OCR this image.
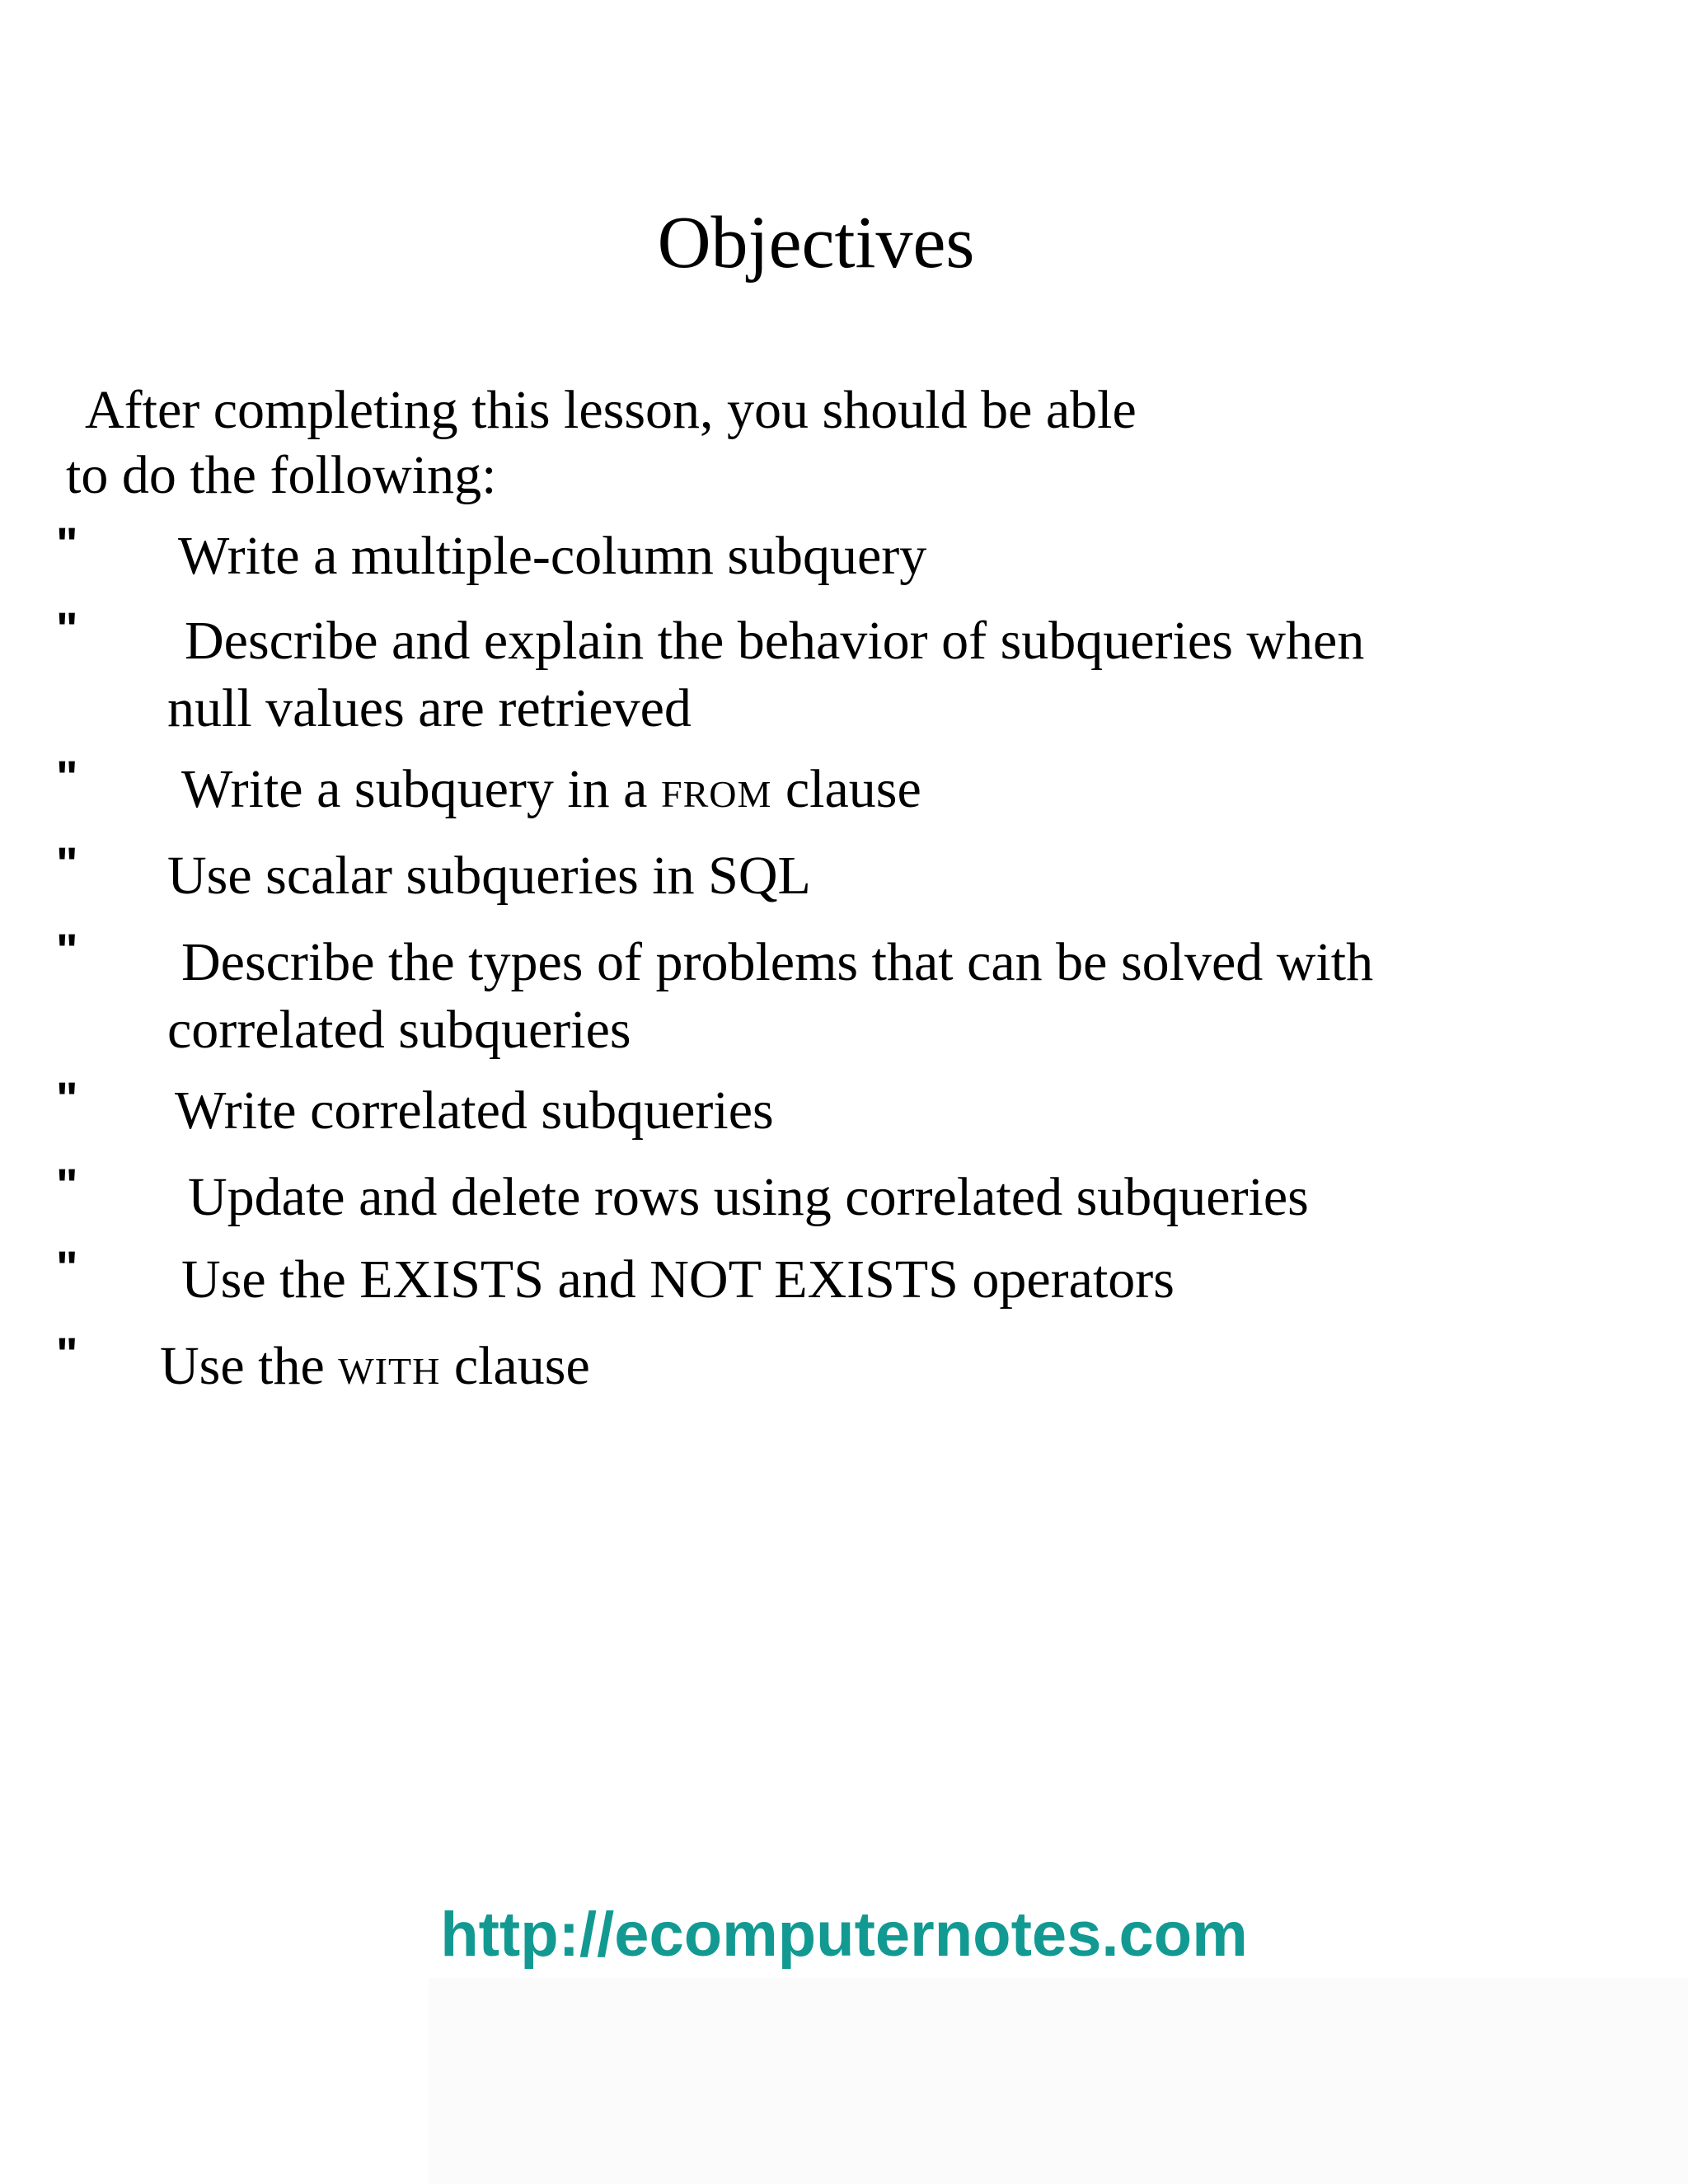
Objectives
After completing this lesson, you should be able
to do the following:
" Write a multiple-column subquery
" Describe and explain the behavior of subqueries when
null values are retrieved
" Write a subquery in a FROM clause
" Use scalar subqueries in SQL
" Describe the types of problems that can be solved with
correlated subqueries
" Write correlated subqueries
" Update and delete rows using correlated subqueries
" Use the EXISTS and NOT EXISTS operators
" Use the WITH clause
http://ecomputernotes.com
